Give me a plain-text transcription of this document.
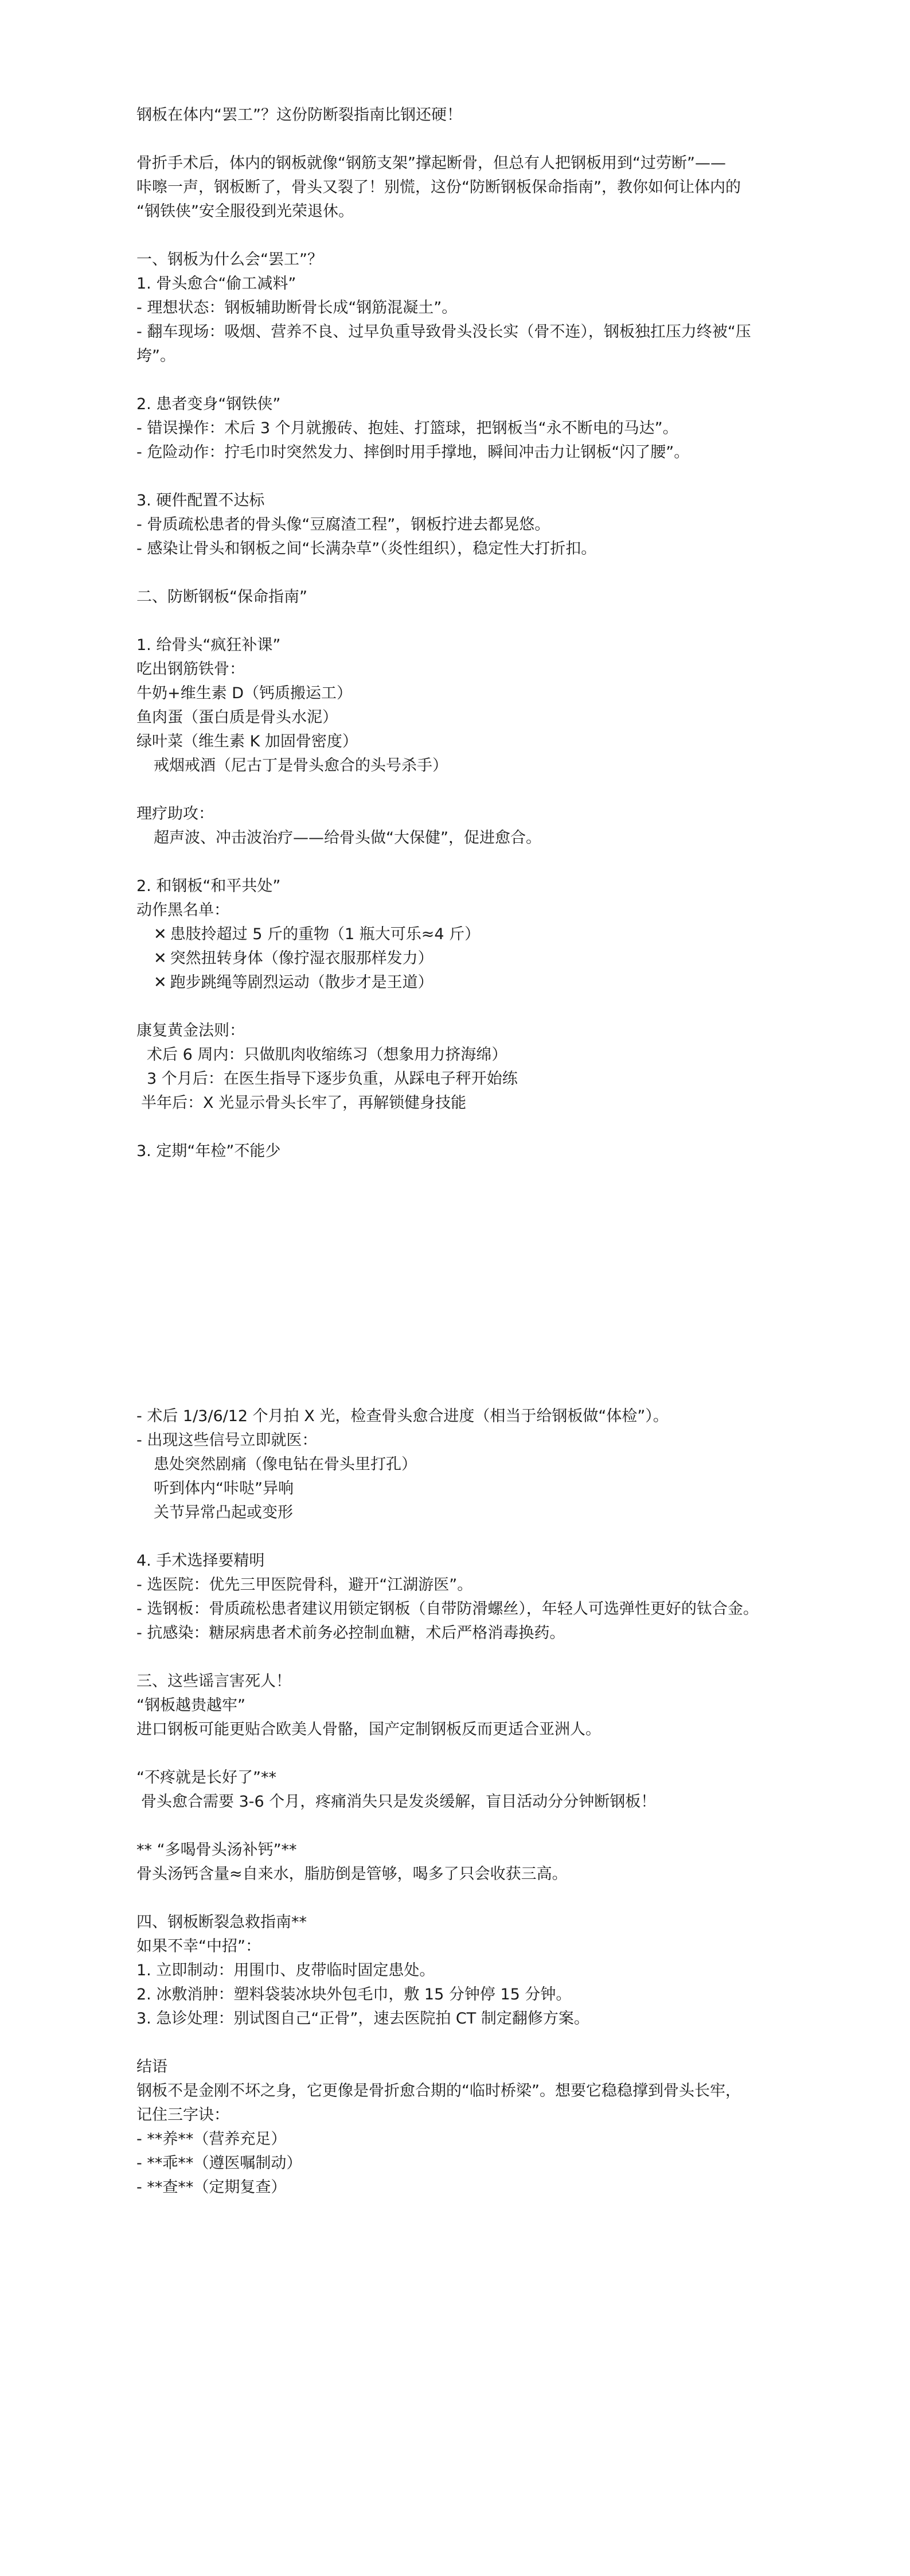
钢板在体内“罢工”？这份防断裂指南比钢还硬！
骨折手术后，体内的钢板就像“钢筋支架”撑起断骨，但总有人把钢板用到“过劳断”——
咔嚓一声，钢板断了，骨头又裂了！别慌，这份“防断钢板保命指南”，教你如何让体内的
“钢铁侠”安全服役到光荣退休。
一、钢板为什么会“罢工”？
1. 骨头愈合“偷工减料”
- 理想状态：钢板辅助断骨长成“钢筋混凝土”。
- 翻车现场：吸烟、营养不良、过早负重导致骨头没长实（骨不连），钢板独扛压力终被“压
垮”。
2. 患者变身“钢铁侠”
- 错误操作：术后 3 个月就搬砖、抱娃、打篮球，把钢板当“永不断电的马达”。
- 危险动作：拧毛巾时突然发力、摔倒时用手撑地，瞬间冲击力让钢板“闪了腰”。
3. 硬件配置不达标
- 骨质疏松患者的骨头像“豆腐渣工程”，钢板拧进去都晃悠。
- 感染让骨头和钢板之间“长满杂草”（炎性组织），稳定性大打折扣。
二、防断钢板“保命指南”
1. 给骨头“疯狂补课”
吃出钢筋铁骨：
牛奶+维生素 D（钙质搬运工）
鱼肉蛋（蛋白质是骨头水泥）
绿叶菜（维生素 K 加固骨密度）
戒烟戒酒（尼古丁是骨头愈合的头号杀手）
理疗助攻：
超声波、冲击波治疗——给骨头做“大保健”，促进愈合。
2. 和钢板“和平共处”
动作黑名单：
✕ 患肢拎超过 5 斤的重物（1 瓶大可乐≈4 斤）
✕ 突然扭转身体（像拧湿衣服那样发力）
✕ 跑步跳绳等剧烈运动（散步才是王道）
康复黄金法则：
术后 6 周内：只做肌肉收缩练习（想象用力挤海绵）
3 个月后：在医生指导下逐步负重，从踩电子秤开始练
半年后：X 光显示骨头长牢了，再解锁健身技能
3. 定期“年检”不能少
- 术后 1/3/6/12 个月拍 X 光，检查骨头愈合进度（相当于给钢板做“体检”）。
- 出现这些信号立即就医：
患处突然剧痛（像电钻在骨头里打孔）
听到体内“咔哒”异响
关节异常凸起或变形
4. 手术选择要精明
- 选医院：优先三甲医院骨科，避开“江湖游医”。
- 选钢板：骨质疏松患者建议用锁定钢板（自带防滑螺丝），年轻人可选弹性更好的钛合金。
- 抗感染：糖尿病患者术前务必控制血糖，术后严格消毒换药。
三、这些谣言害死人！
“钢板越贵越牢”
进口钢板可能更贴合欧美人骨骼，国产定制钢板反而更适合亚洲人。
“不疼就是长好了”**
骨头愈合需要 3-6 个月，疼痛消失只是发炎缓解，盲目活动分分钟断钢板！
** “多喝骨头汤补钙”**
骨头汤钙含量≈自来水，脂肪倒是管够，喝多了只会收获三高。
四、钢板断裂急救指南**
如果不幸“中招”：
1. 立即制动：用围巾、皮带临时固定患处。
2. 冰敷消肿：塑料袋装冰块外包毛巾，敷 15 分钟停 15 分钟。
3. 急诊处理：别试图自己“正骨”，速去医院拍 CT 制定翻修方案。
结语
钢板不是金刚不坏之身，它更像是骨折愈合期的“临时桥梁”。想要它稳稳撑到骨头长牢，
记住三字诀：
- **养**（营养充足）
- **乖**（遵医嘱制动）
- **查**（定期复查）
